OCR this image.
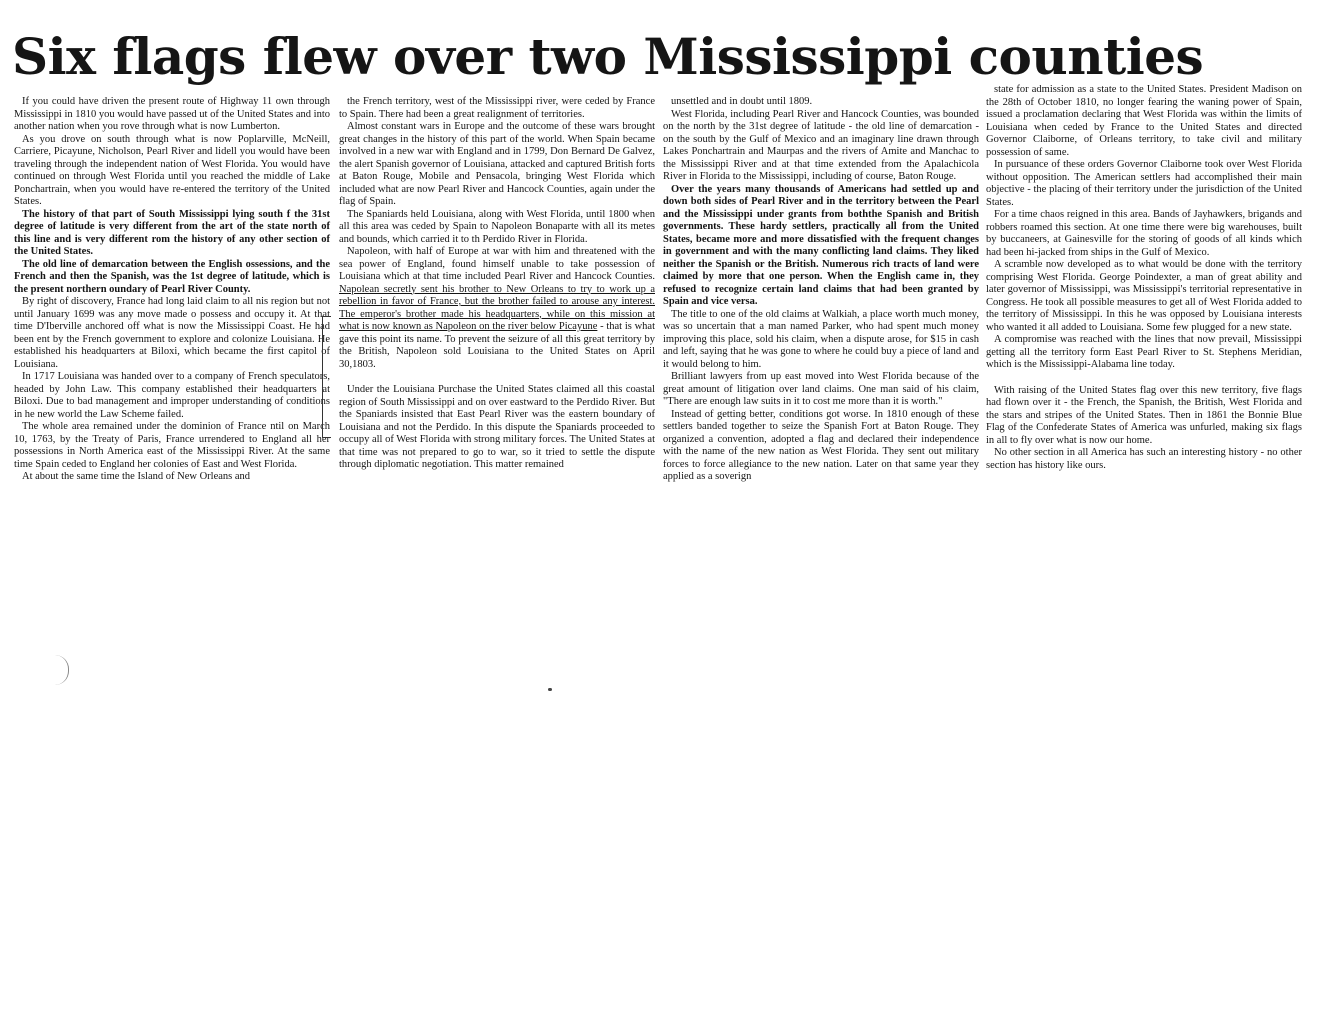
Six flags flew over two Mississippi counties

If you could have driven the present route of Highway 11 own through Mississippi in 1810 you would have passed ut of the United States and into another nation when you rove through what is now Lumberton.

As you drove on south through what is now Poplarville, McNeill, Carriere, Picayune, Nicholson, Pearl River and lidell you would have been traveling through the independent nation of West Florida. You would have continued on through West Florida until you reached the middle of Lake Ponchartrain, when you would have re-entered the territory of the United States.

The history of that part of South Mississippi lying south f the 31st degree of latitude is very different from the art of the state north of this line and is very different rom the history of any other section of the United States.

The old line of demarcation between the English ossessions, and the French and then the Spanish, was the 1st degree of latitude, which is the present northern oundary of Pearl River County.

By right of discovery, France had long laid claim to all nis region but not until January 1699 was any move made o possess and occupy it. At that time D'Iberville anchored off what is now the Mississippi Coast. He had been ent by the French government to explore and colonize Louisiana. He established his headquarters at Biloxi, which became the first capitol of Louisiana.

In 1717 Louisiana was handed over to a company of French speculators, headed by John Law. This company established their headquarters at Biloxi. Due to bad management and improper understanding of conditions in he new world the Law Scheme failed.

The whole area remained under the dominion of France ntil on March 10, 1763, by the Treaty of Paris, France urrendered to England all her possessions in North America east of the Mississippi River. At the same time Spain ceded to England her colonies of East and West Florida.

At about the same time the Island of New Orleans and

the French territory, west of the Mississippi river, were ceded by France to Spain. There had been a great realignment of territories.

Almost constant wars in Europe and the outcome of these wars brought great changes in the history of this part of the world. When Spain became involved in a new war with England and in 1799, Don Bernard De Galvez, the alert Spanish governor of Louisiana, attacked and captured British forts at Baton Rouge, Mobile and Pensacola, bringing West Florida which included what are now Pearl River and Hancock Counties, again under the flag of Spain.

The Spaniards held Louisiana, along with West Florida, until 1800 when all this area was ceded by Spain to Napoleon Bonaparte with all its metes and bounds, which carried it to th Perdido River in Florida.

Napoleon, with half of Europe at war with him and threatened with the sea power of England, found himself unable to take possession of Louisiana which at that time included Pearl River and Hancock Counties. Napolean secretly sent his brother to New Orleans to try to work up a rebellion in favor of France, but the brother failed to arouse any interest. The emperor's brother made his headquarters, while on this mission at what is now known as Napoleon on the river below Picayune - that is what gave this point its name. To prevent the seizure of all this great territory by the British, Napoleon sold Louisiana to the United States on April 30,1803.

Under the Louisiana Purchase the United States claimed all this coastal region of South Mississippi and on over eastward to the Perdido River. But the Spaniards insisted that East Pearl River was the eastern boundary of Louisiana and not the Perdido. In this dispute the Spaniards proceeded to occupy all of West Florida with strong military forces. The United States at that time was not prepared to go to war, so it tried to settle the dispute through diplomatic negotiation. This matter remained

unsettled and in doubt until 1809.

West Florida, including Pearl River and Hancock Counties, was bounded on the north by the 31st degree of latitude - the old line of demarcation - on the south by the Gulf of Mexico and an imaginary line drawn through Lakes Ponchartrain and Maurpas and the rivers of Amite and Manchac to the Mississippi River and at that time extended from the Apalachicola River in Florida to the Mississippi, including of course, Baton Rouge.

Over the years many thousands of Americans had settled up and down both sides of Pearl River and in the territory between the Pearl and the Mississippi under grants from boththe Spanish and British governments. These hardy settlers, practically all from the United States, became more and more dissatisfied with the frequent changes in government and with the many conflicting land claims. They liked neither the Spanish or the British. Numerous rich tracts of land were claimed by more that one person. When the English came in, they refused to recognize certain land claims that had been granted by Spain and vice versa.

The title to one of the old claims at Walkiah, a place worth much money, was so uncertain that a man named Parker, who had spent much money improving this place, sold his claim, when a dispute arose, for $15 in cash and left, saying that he was gone to where he could buy a piece of land and it would belong to him.

Brilliant lawyers from up east moved into West Florida because of the great amount of litigation over land claims. One man said of his claim, "There are enough law suits in it to cost me more than it is worth."

Instead of getting better, conditions got worse. In 1810 enough of these settlers banded together to seize the Spanish Fort at Baton Rouge. They organized a convention, adopted a flag and declared their independence with the name of the new nation as West Florida. They sent out military forces to force allegiance to the new nation. Later on that same year they applied as a soverign

state for admission as a state to the United States. President Madison on the 28th of October 1810, no longer fearing the waning power of Spain, issued a proclamation declaring that West Florida was within the limits of Louisiana when ceded by France to the United States and directed Governor Claiborne, of Orleans territory, to take civil and military possession of same.

In pursuance of these orders Governor Claiborne took over West Florida without opposition. The American settlers had accomplished their main objective - the placing of their territory under the jurisdiction of the United States.

For a time chaos reigned in this area. Bands of Jayhawkers, brigands and robbers roamed this section. At one time there were big warehouses, built by buccaneers, at Gainesville for the storing of goods of all kinds which had been hi-jacked from ships in the Gulf of Mexico.

A scramble now developed as to what would be done with the territory comprising West Florida. George Poindexter, a man of great ability and later governor of Mississippi, was Mississippi's territorial representative in Congress. He took all possible measures to get all of West Florida added to the territory of Mississippi. In this he was opposed by Louisiana interests who wanted it all added to Louisiana. Some few plugged for a new state.

A compromise was reached with the lines that now prevail, Mississippi getting all the territory form East Pearl River to St. Stephens Meridian, which is the Mississippi-Alabama line today.

With raising of the United States flag over this new territory, five flags had flown over it - the French, the Spanish, the British, West Florida and the stars and stripes of the United States. Then in 1861 the Bonnie Blue Flag of the Confederate States of America was unfurled, making six flags in all to fly over what is now our home.

No other section in all America has such an interesting history - no other section has history like ours.
